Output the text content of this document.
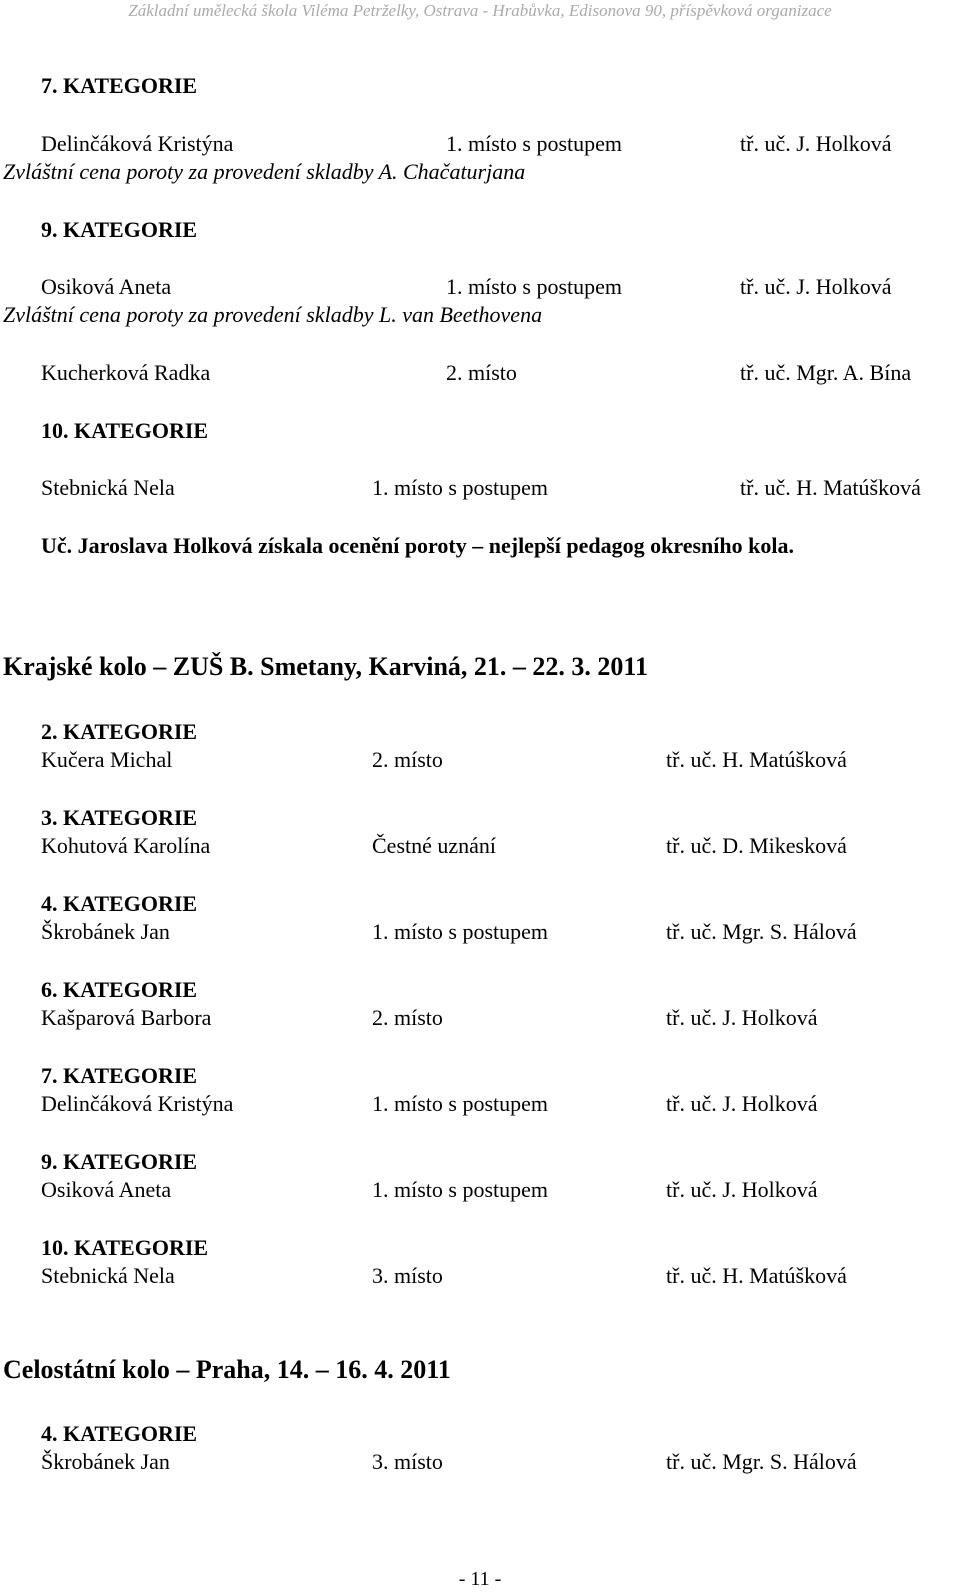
Základní umělecká škola Viléma Petrželky, Ostrava - Hrabůvka, Edisonova 90, příspěvková organizace
7. KATEGORIE
Delinčáková Kristýna	1. místo s postupem	tř. uč. J. Holková
Zvláštní cena poroty za provedení skladby A. Chačaturjana
9. KATEGORIE
Osiková Aneta	1. místo s postupem	tř. uč. J. Holková
Zvláštní cena poroty za provedení skladby L. van Beethovena
Kucherková Radka	2. místo	tř. uč. Mgr. A. Bína
10. KATEGORIE
Stebnická Nela	1. místo s postupem	tř. uč. H. Matúšková
Uč. Jaroslava Holková získala ocenění poroty – nejlepší pedagog okresního kola.
Krajské kolo – ZUŠ B. Smetany, Karviná, 21. – 22. 3. 2011
2. KATEGORIE
Kučera Michal	2. místo	tř. uč. H. Matúšková
3. KATEGORIE
Kohutová Karolína	Čestné uznání	tř. uč. D. Mikesková
4. KATEGORIE
Škrobánek Jan	1. místo s postupem	tř. uč. Mgr. S. Hálová
6. KATEGORIE
Kašparová Barbora	2. místo	tř. uč. J. Holková
7. KATEGORIE
Delinčáková Kristýna	1. místo s postupem	tř. uč. J. Holková
9. KATEGORIE
Osiková Aneta	1. místo s postupem	tř. uč. J. Holková
10. KATEGORIE
Stebnická Nela	3. místo	tř. uč. H. Matúšková
Celostátní kolo – Praha, 14. – 16. 4. 2011
4. KATEGORIE
Škrobánek Jan	3. místo	tř. uč. Mgr. S. Hálová
- 11 -
